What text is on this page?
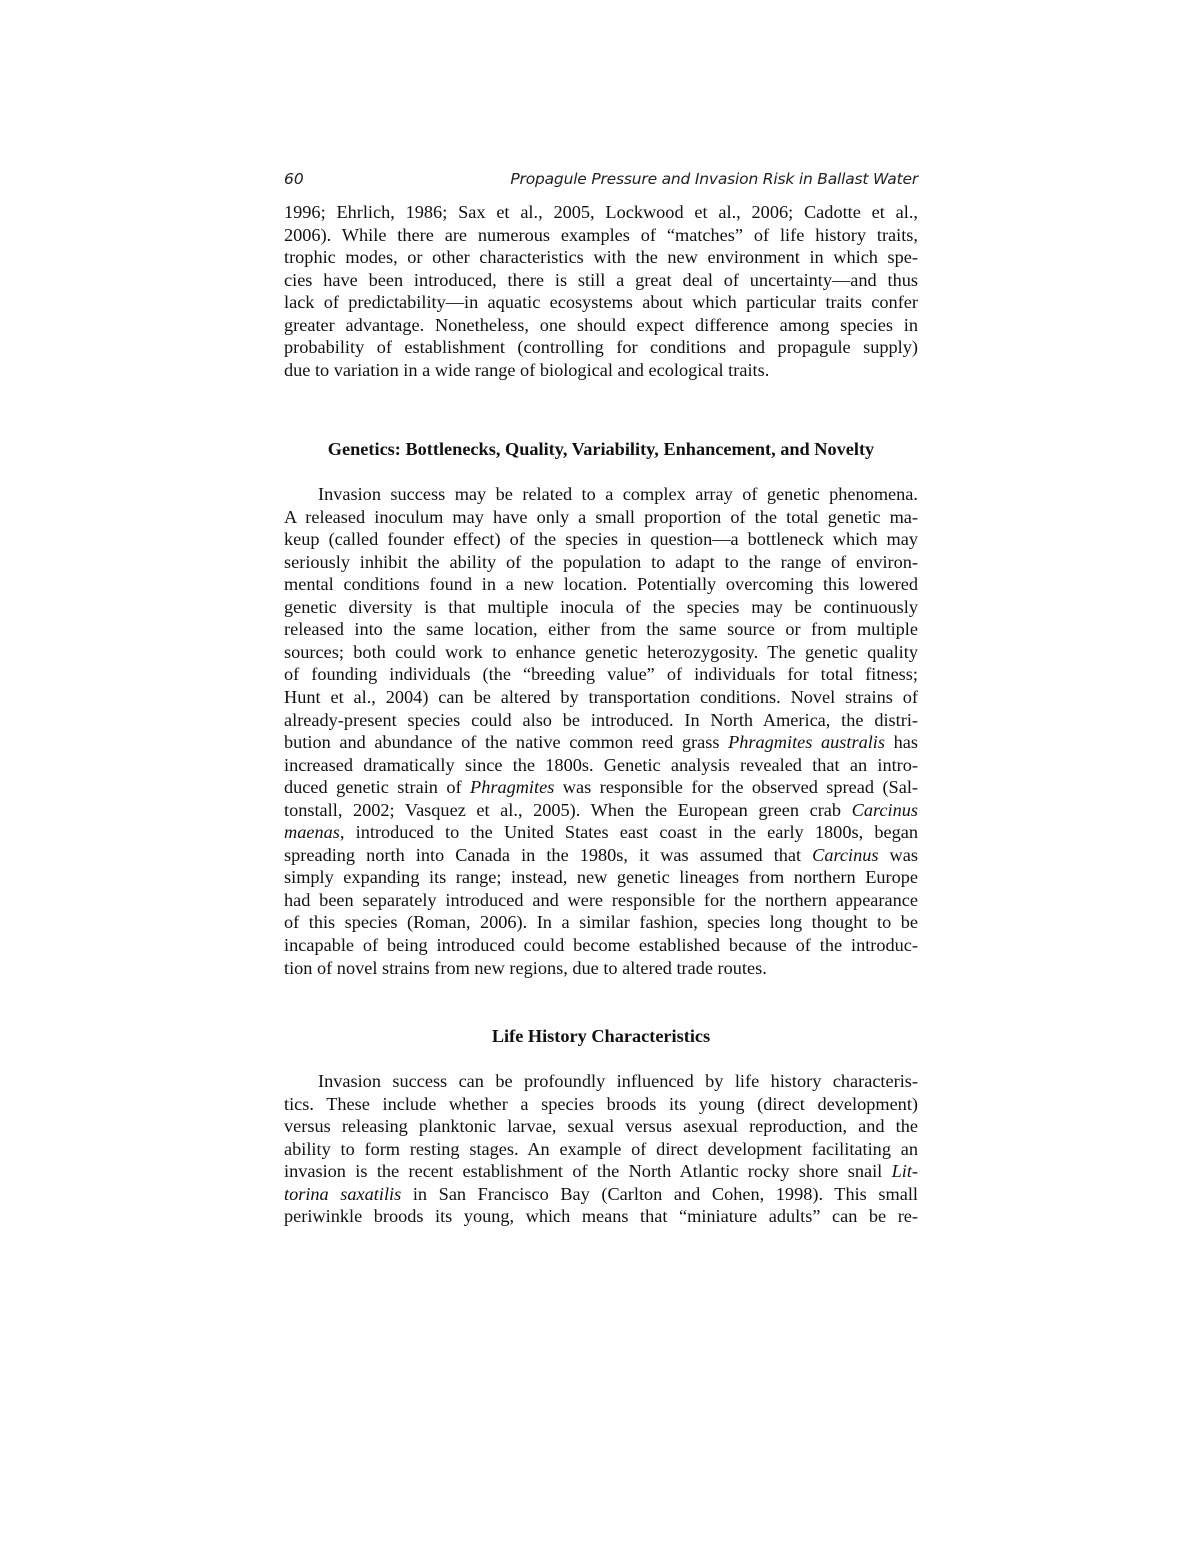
60	Propagule Pressure and Invasion Risk in Ballast Water
1996; Ehrlich, 1986; Sax et al., 2005, Lockwood et al., 2006; Cadotte et al.,
2006). While there are numerous examples of “matches” of life history traits,
trophic modes, or other characteristics with the new environment in which spe-
cies have been introduced, there is still a great deal of uncertainty—and thus
lack of predictability—in aquatic ecosystems about which particular traits confer
greater advantage. Nonetheless, one should expect difference among species in
probability of establishment (controlling for conditions and propagule supply)
due to variation in a wide range of biological and ecological traits.
Genetics: Bottlenecks, Quality, Variability, Enhancement, and Novelty
Invasion success may be related to a complex array of genetic phenomena.
A released inoculum may have only a small proportion of the total genetic ma-
keup (called founder effect) of the species in question—a bottleneck which may
seriously inhibit the ability of the population to adapt to the range of environ-
mental conditions found in a new location. Potentially overcoming this lowered
genetic diversity is that multiple inocula of the species may be continuously
released into the same location, either from the same source or from multiple
sources; both could work to enhance genetic heterozygosity. The genetic quality
of founding individuals (the “breeding value” of individuals for total fitness;
Hunt et al., 2004) can be altered by transportation conditions. Novel strains of
already-present species could also be introduced. In North America, the distri-
bution and abundance of the native common reed grass Phragmites australis has
increased dramatically since the 1800s. Genetic analysis revealed that an intro-
duced genetic strain of Phragmites was responsible for the observed spread (Sal-
tonstall, 2002; Vasquez et al., 2005). When the European green crab Carcinus
maenas, introduced to the United States east coast in the early 1800s, began
spreading north into Canada in the 1980s, it was assumed that Carcinus was
simply expanding its range; instead, new genetic lineages from northern Europe
had been separately introduced and were responsible for the northern appearance
of this species (Roman, 2006). In a similar fashion, species long thought to be
incapable of being introduced could become established because of the introduc-
tion of novel strains from new regions, due to altered trade routes.
Life History Characteristics
Invasion success can be profoundly influenced by life history characteris-
tics. These include whether a species broods its young (direct development)
versus releasing planktonic larvae, sexual versus asexual reproduction, and the
ability to form resting stages. An example of direct development facilitating an
invasion is the recent establishment of the North Atlantic rocky shore snail Lit-
torina saxatilis in San Francisco Bay (Carlton and Cohen, 1998). This small
periwinkle broods its young, which means that “miniature adults” can be re-
